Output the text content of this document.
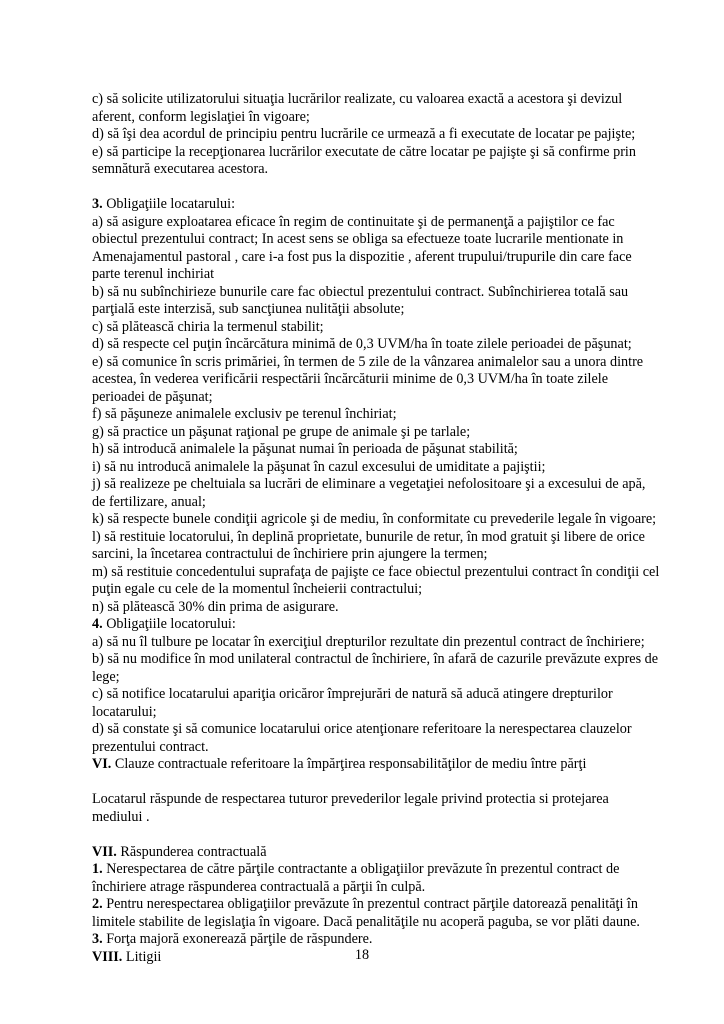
c) să solicite utilizatorului situaţia lucrărilor realizate, cu valoarea exactă a acestora şi devizul
aferent, conform legislaţiei în vigoare;
d) să îşi dea acordul de principiu pentru lucrările ce urmează a fi executate de locatar pe pajişte;
e) să participe la recepţionarea lucrărilor executate de către locatar pe pajişte şi să confirme prin
semnătură executarea acestora.
3. Obligaţiile locatarului:
a) să asigure exploatarea eficace în regim de continuitate şi de permanenţă a pajiştilor ce fac
obiectul prezentului contract; In acest sens se obliga sa efectueze toate lucrarile mentionate in
Amenajamentul pastoral , care i-a fost pus la dispozitie , aferent trupului/trupurile din care face
parte terenul inchiriat
b) să nu subînchirieze bunurile care fac obiectul prezentului contract. Subînchirierea totală sau
parţială este interzisă, sub sancţiunea nulităţii absolute;
c) să plătească chiria la termenul stabilit;
d) să respecte cel puţin încărcătura minimă de 0,3 UVM/ha în toate zilele perioadei de păşunat;
e) să comunice în scris primăriei, în termen de 5 zile de la vânzarea animalelor sau a unora dintre
acestea, în vederea verificării respectării încărcăturii minime de 0,3 UVM/ha în toate zilele
perioadei de păşunat;
f) să păşuneze animalele exclusiv pe terenul închiriat;
g) să practice un păşunat raţional pe grupe de animale şi pe tarlale;
h) să introducă animalele la păşunat numai în perioada de păşunat stabilită;
i) să nu introducă animalele la păşunat în cazul excesului de umiditate a pajiştii;
j) să realizeze pe cheltuiala sa lucrări de eliminare a vegetaţiei nefolositoare şi a excesului de apă,
de fertilizare, anual;
k) să respecte bunele condiţii agricole şi de mediu, în conformitate cu prevederile legale în vigoare;
l) să restituie locatorului, în deplină proprietate, bunurile de retur, în mod gratuit şi libere de orice
sarcini, la încetarea contractului de închiriere prin ajungere la termen;
m) să restituie concedentului suprafaţa de pajişte ce face obiectul prezentului contract în condiţii cel
puţin egale cu cele de la momentul încheierii contractului;
n) să plătească 30% din prima de asigurare.
4. Obligaţiile locatorului:
a) să nu îl tulbure pe locatar în exerciţiul drepturilor rezultate din prezentul contract de închiriere;
b) să nu modifice în mod unilateral contractul de închiriere, în afară de cazurile prevăzute expres de
lege;
c) să notifice locatarului apariţia oricăror împrejurări de natură să aducă atingere drepturilor
locatarului;
d) să constate şi să comunice locatarului orice atenţionare referitoare la nerespectarea clauzelor
prezentului contract.
VI. Clauze contractuale referitoare la împărţirea responsabilităţilor de mediu între părţi
Locatarul răspunde de respectarea tuturor prevederilor legale privind protectia si protejarea
mediului .
VII. Răspunderea contractuală
1. Nerespectarea de către părţile contractante a obligaţiilor prevăzute în prezentul contract de
închiriere atrage răspunderea contractuală a părţii în culpă.
2. Pentru nerespectarea obligaţiilor prevăzute în prezentul contract părţile datorează penalităţi în
limitele stabilite de legislaţia în vigoare. Dacă penalităţile nu acoperă paguba, se vor plăti daune.
3. Forţa majoră exonerează părţile de răspundere.
VIII. Litigii	18
